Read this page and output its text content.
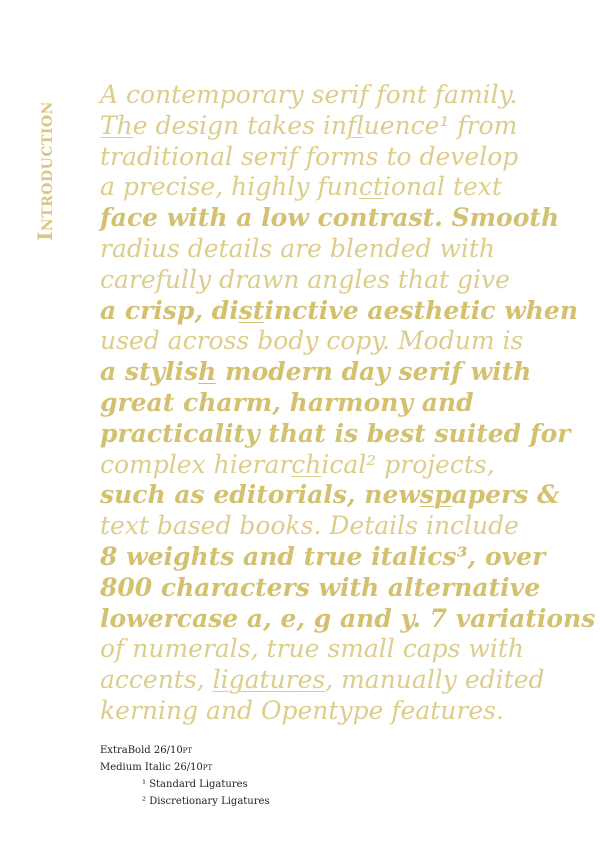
Introduction
A contemporary serif font family.
The design takes influence¹ from
traditional serif forms to develop
a precise, highly functional text
face with a low contrast. Smooth
radius details are blended with
carefully drawn angles that give
a crisp, distinctive aesthetic when
used across body copy. Modum is
a stylish modern day serif with
great charm, harmony and
practicality that is best suited for
complex hierarchical² projects,
such as editorials, newspapers &
text based books. Details include
8 weights and true italics³, over
800 characters with alternative
lowercase a, e, g and y. 7 variations
of numerals, true small caps with
accents, ligatures, manually edited
kerning and Opentype features.
ExtraBold 26/10pt
Medium Italic 26/10pt
¹ Standard Ligatures
² Discretionary Ligatures
